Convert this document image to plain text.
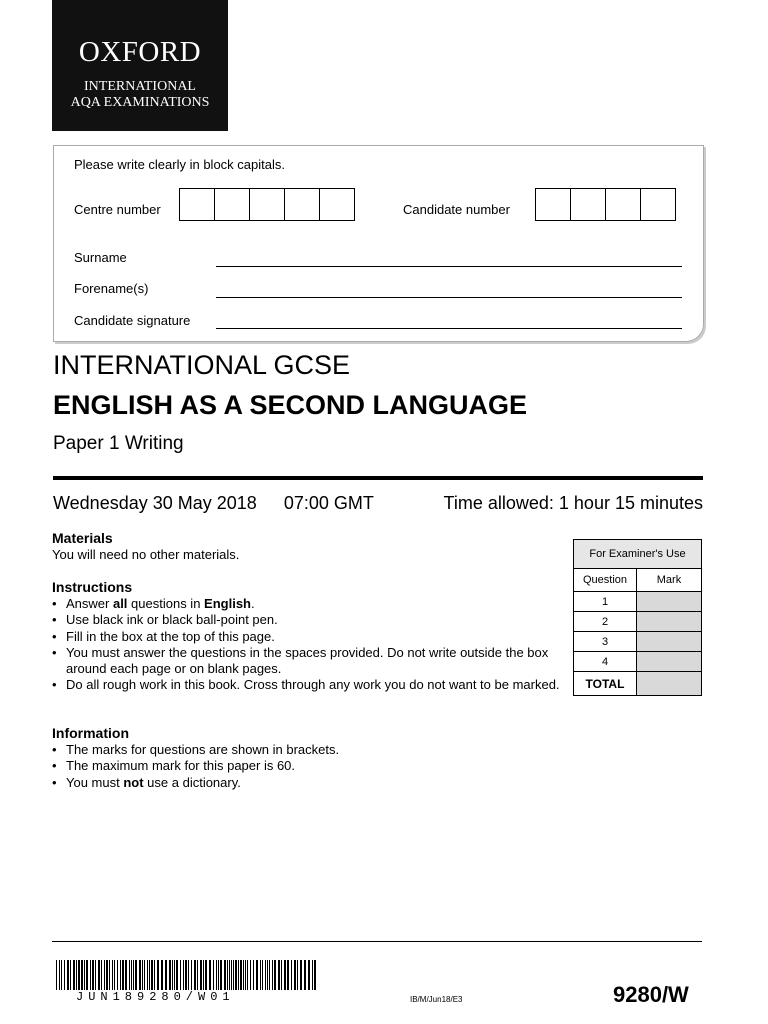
OXFORD
INTERNATIONAL
AQA EXAMINATIONS
Please write clearly in block capitals.
Centre number	Candidate number
Surname
Forename(s)
Candidate signature
INTERNATIONAL GCSE
ENGLISH AS A SECOND LANGUAGE
Paper 1 Writing
Wednesday 30 May 2018 07:00 GMT	Time allowed: 1 hour 15 minutes
Materials
You will need no other materials.
Instructions
• Answer all questions in English.
• Use black ink or black ball-point pen.
• Fill in the box at the top of this page.
• You must answer the questions in the spaces provided. Do not write outside the box around each page or on blank pages.
• Do all rough work in this book. Cross through any work you do not want to be marked.
Information
• The marks for questions are shown in brackets.
• The maximum mark for this paper is 60.
• You must not use a dictionary.
For Examiner's Use	
Question	Mark
1	
2	
3	
4	
TOTAL	
JUN189280/W01	IB/M/Jun18/E3	9280/W
